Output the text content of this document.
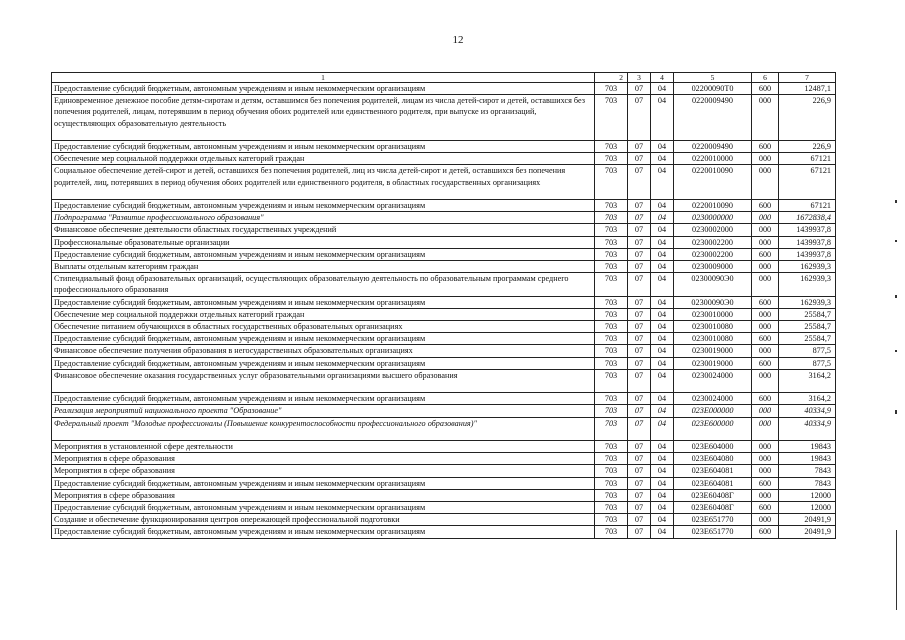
12
1	2	3	4	5	6	7
Предоставление субсидий бюджетным, автономным учреждениям и иным некоммерческим организациям	703	07	04	02200090Т0	600	12487,1
Единовременное денежное пособие детям-сиротам и детям, оставшимся без попечения родителей, лицам из числа детей-сирот и детей, оставшихся без попечения родителей, лицам, потерявшим в период обучения обоих родителей или единственного родителя, при выпуске из организаций, осуществляющих образовательную деятельность	703	07	04	0220009490	000	226,9
Предоставление субсидий бюджетным, автономным учреждениям и иным некоммерческим организациям	703	07	04	0220009490	600	226,9
Обеспечение мер социальной поддержки отдельных категорий граждан	703	07	04	0220010000	000	67121
Социальное обеспечение детей-сирот и детей, оставшихся без попечения родителей, лиц из числа детей-сирот и детей, оставшихся без попечения родителей, лиц, потерявших в период обучения обоих родителей или единственного родителя, в областных государственных организациях	703	07	04	0220010090	000	67121
Предоставление субсидий бюджетным, автономным учреждениям и иным некоммерческим организациям	703	07	04	0220010090	600	67121
Подпрограмма "Развитие профессионального образования"	703	07	04	0230000000	000	1672838,4
Финансовое обеспечение деятельности областных государственных учреждений	703	07	04	0230002000	000	1439937,8
Профессиональные образовательные организации	703	07	04	0230002200	000	1439937,8
Предоставление субсидий бюджетным, автономным учреждениям и иным некоммерческим организациям	703	07	04	0230002200	600	1439937,8
Выплаты отдельным категориям граждан	703	07	04	0230009000	000	162939,3
Стипендиальный фонд образовательных организаций, осуществляющих образовательную деятельность по образовательным программам среднего профессионального образования	703	07	04	02300090Э0	000	162939,3
Предоставление субсидий бюджетным, автономным учреждениям и иным некоммерческим организациям	703	07	04	02300090Э0	600	162939,3
Обеспечение мер социальной поддержки отдельных категорий граждан	703	07	04	0230010000	000	25584,7
Обеспечение питанием обучающихся в областных государственных образовательных организациях	703	07	04	0230010080	000	25584,7
Предоставление субсидий бюджетным, автономным учреждениям и иным некоммерческим организациям	703	07	04	0230010080	600	25584,7
Финансовое обеспечение получения образования в негосударственных образовательных организациях	703	07	04	0230019000	000	877,5
Предоставление субсидий бюджетным, автономным учреждениям и иным некоммерческим организациям	703	07	04	0230019000	600	877,5
Финансовое обеспечение оказания государственных услуг образовательными организациями высшего образования	703	07	04	0230024000	000	3164,2
Предоставление субсидий бюджетным, автономным учреждениям и иным некоммерческим организациям	703	07	04	0230024000	600	3164,2
Реализация мероприятий национального проекта "Образование"	703	07	04	023Е000000	000	40334,9
Федеральный проект "Молодые профессионалы (Повышение конкурентоспособности профессионального образования)"	703	07	04	023Е600000	000	40334,9
Мероприятия в установленной сфере деятельности	703	07	04	023Е604000	000	19843
Мероприятия в сфере образования	703	07	04	023Е604080	000	19843
Мероприятия в сфере образования	703	07	04	023Е604081	000	7843
Предоставление субсидий бюджетным, автономным учреждениям и иным некоммерческим организациям	703	07	04	023Е604081	600	7843
Мероприятия в сфере образования	703	07	04	023Е60408Г	000	12000
Предоставление субсидий бюджетным, автономным учреждениям и иным некоммерческим организациям	703	07	04	023Е60408Г	600	12000
Создание и обеспечение функционирования центров опережающей профессиональной подготовки	703	07	04	023Е651770	000	20491,9
Предоставление субсидий бюджетным, автономным учреждениям и иным некоммерческим организациям	703	07	04	023Е651770	600	20491,9
